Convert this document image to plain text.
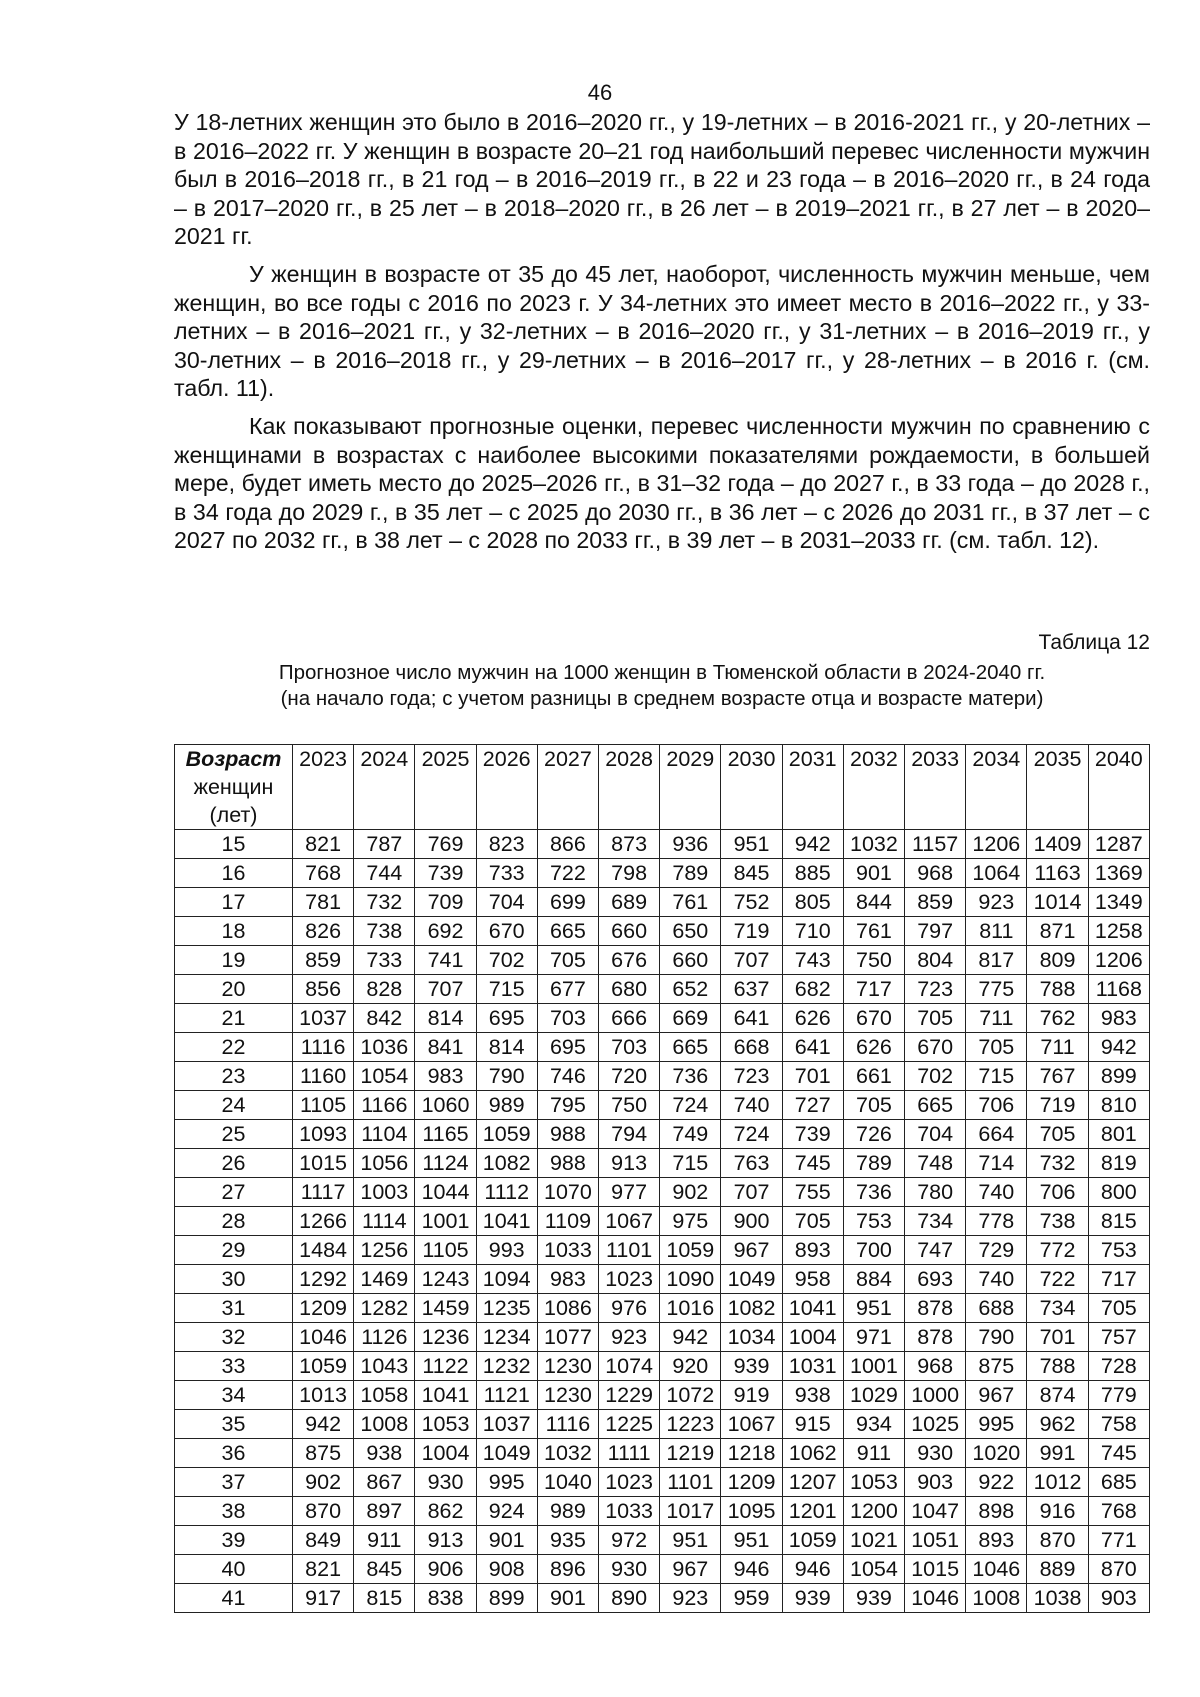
46

У 18-летних женщин это было в 2016–2020 гг., у 19-летних – в 2016-2021 гг., у 20-летних – в 2016–2022 гг. У женщин в возрасте 20–21 год наибольший перевес численности мужчин был в 2016–2018 гг., в 21 год – в 2016–2019 гг., в 22 и 23 года – в 2016–2020 гг., в 24 года – в 2017–2020 гг., в 25 лет – в 2018–2020 гг., в 26 лет – в 2019–2021 гг., в 27 лет – в 2020–2021 гг.

У женщин в возрасте от 35 до 45 лет, наоборот, численность мужчин меньше, чем женщин, во все годы с 2016 по 2023 г. У 34-летних это имеет место в 2016–2022 гг., у 33-летних – в 2016–2021 гг., у 32-летних – в 2016–2020 гг., у 31-летних – в 2016–2019 гг., у 30-летних – в 2016–2018 гг., у 29-летних – в 2016–2017 гг., у 28-летних – в 2016 г. (см. табл. 11).

Как показывают прогнозные оценки, перевес численности мужчин по сравнению с женщинами в возрастах с наиболее высокими показателями рождаемости, в большей мере, будет иметь место до 2025–2026 гг., в 31–32 года – до 2027 г., в 33 года – до 2028 г., в 34 года до 2029 г., в 35 лет – с 2025 до 2030 гг., в 36 лет – с 2026 до 2031 гг., в 37 лет – с 2027 по 2032 гг., в 38 лет – с 2028 по 2033 гг., в 39 лет – в 2031–2033 гг. (см. табл. 12).

Таблица 12
Прогнозное число мужчин на 1000 женщин в Тюменской области в 2024-2040 гг.
(на начало года; с учетом разницы в среднем возрасте отца и возрасте матери)
Возраст
женщин
(лет)	2023	2024	2025	2026	2027	2028	2029	2030	2031	2032	2033	2034	2035	2040
15	821	787	769	823	866	873	936	951	942	1032	1157	1206	1409	1287
16	768	744	739	733	722	798	789	845	885	901	968	1064	1163	1369
17	781	732	709	704	699	689	761	752	805	844	859	923	1014	1349
18	826	738	692	670	665	660	650	719	710	761	797	811	871	1258
19	859	733	741	702	705	676	660	707	743	750	804	817	809	1206
20	856	828	707	715	677	680	652	637	682	717	723	775	788	1168
21	1037	842	814	695	703	666	669	641	626	670	705	711	762	983
22	1116	1036	841	814	695	703	665	668	641	626	670	705	711	942
23	1160	1054	983	790	746	720	736	723	701	661	702	715	767	899
24	1105	1166	1060	989	795	750	724	740	727	705	665	706	719	810
25	1093	1104	1165	1059	988	794	749	724	739	726	704	664	705	801
26	1015	1056	1124	1082	988	913	715	763	745	789	748	714	732	819
27	1117	1003	1044	1112	1070	977	902	707	755	736	780	740	706	800
28	1266	1114	1001	1041	1109	1067	975	900	705	753	734	778	738	815
29	1484	1256	1105	993	1033	1101	1059	967	893	700	747	729	772	753
30	1292	1469	1243	1094	983	1023	1090	1049	958	884	693	740	722	717
31	1209	1282	1459	1235	1086	976	1016	1082	1041	951	878	688	734	705
32	1046	1126	1236	1234	1077	923	942	1034	1004	971	878	790	701	757
33	1059	1043	1122	1232	1230	1074	920	939	1031	1001	968	875	788	728
34	1013	1058	1041	1121	1230	1229	1072	919	938	1029	1000	967	874	779
35	942	1008	1053	1037	1116	1225	1223	1067	915	934	1025	995	962	758
36	875	938	1004	1049	1032	1111	1219	1218	1062	911	930	1020	991	745
37	902	867	930	995	1040	1023	1101	1209	1207	1053	903	922	1012	685
38	870	897	862	924	989	1033	1017	1095	1201	1200	1047	898	916	768
39	849	911	913	901	935	972	951	951	1059	1021	1051	893	870	771
40	821	845	906	908	896	930	967	946	946	1054	1015	1046	889	870
41	917	815	838	899	901	890	923	959	939	939	1046	1008	1038	903
